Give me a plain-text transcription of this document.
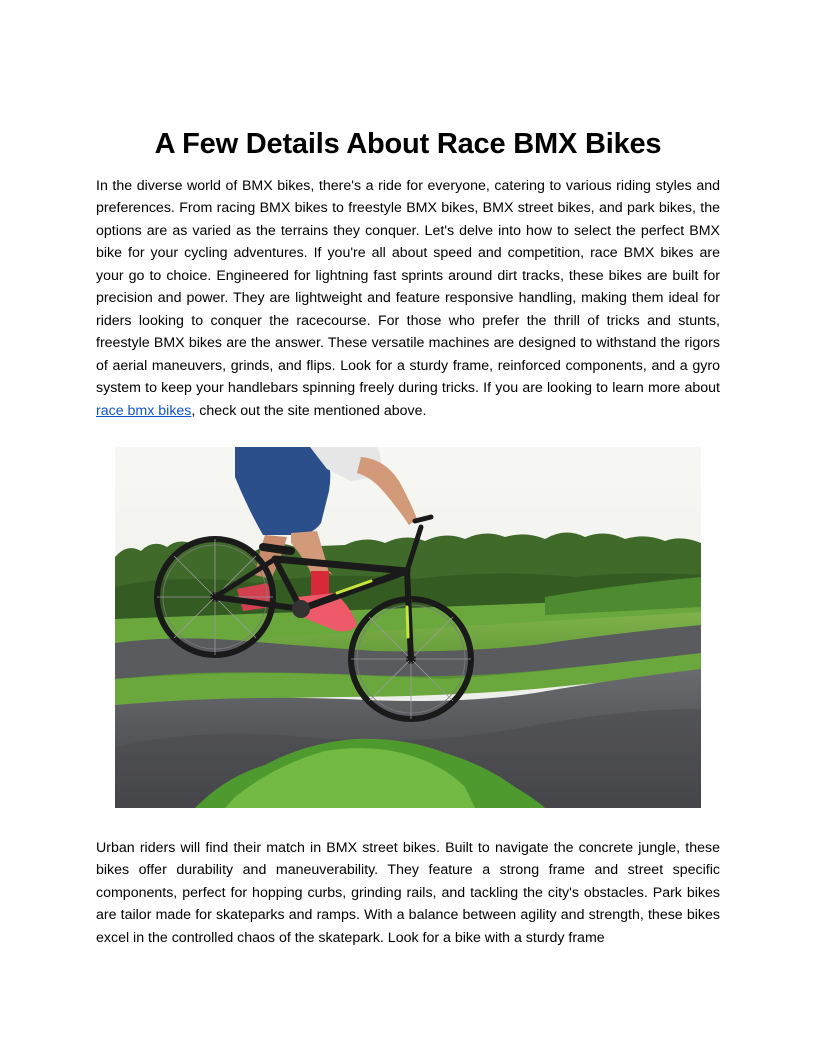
A Few Details About Race BMX Bikes

In the diverse world of BMX bikes, there's a ride for everyone, catering to various riding styles and preferences. From racing BMX bikes to freestyle BMX bikes, BMX street bikes, and park bikes, the options are as varied as the terrains they conquer. Let's delve into how to select the perfect BMX bike for your cycling adventures. If you're all about speed and competition, race BMX bikes are your go to choice. Engineered for lightning fast sprints around dirt tracks, these bikes are built for precision and power. They are lightweight and feature responsive handling, making them ideal for riders looking to conquer the racecourse. For those who prefer the thrill of tricks and stunts, freestyle BMX bikes are the answer. These versatile machines are designed to withstand the rigors of aerial maneuvers, grinds, and flips. Look for a sturdy frame, reinforced components, and a gyro system to keep your handlebars spinning freely during tricks. If you are looking to learn more about race bmx bikes, check out the site mentioned above.

Urban riders will find their match in BMX street bikes. Built to navigate the concrete jungle, these bikes offer durability and maneuverability. They feature a strong frame and street specific components, perfect for hopping curbs, grinding rails, and tackling the city's obstacles. Park bikes are tailor made for skateparks and ramps. With a balance between agility and strength, these bikes excel in the controlled chaos of the skatepark. Look for a bike with a sturdy frame
